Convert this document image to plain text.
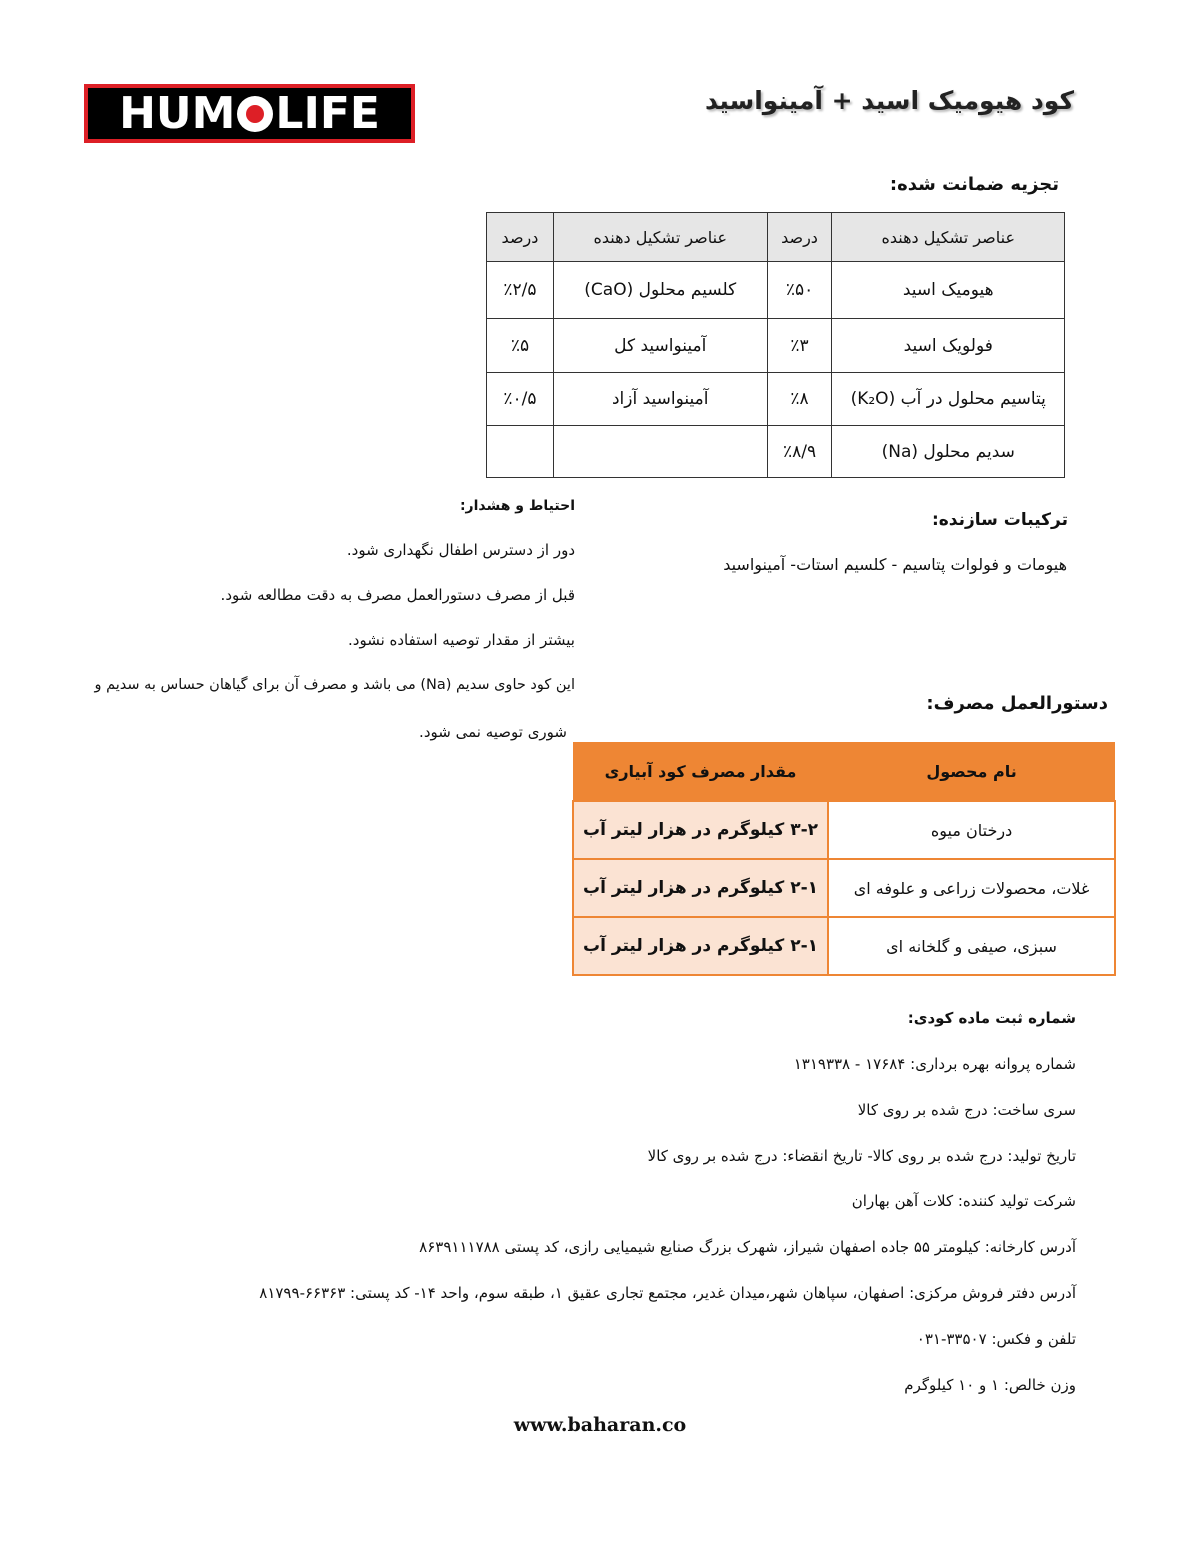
HUM LIFE	کود هیومیک اسید + آمینواسید
تجزیه ضمانت شده:
عناصر تشکیل دهنده	درصد	عناصر تشکیل دهنده	درصد
هیومیک اسید	٪۵۰	کلسیم محلول (CaO)	٪۲/۵
فولویک اسید	٪۳	آمینواسید کل	٪۵
پتاسیم محلول در آب (K₂O)	٪۸	آمینواسید آزاد	٪۰/۵
سدیم محلول (Na)	٪۸/۹		
ترکیبات سازنده:
هیومات و فولوات پتاسیم - کلسیم استات- آمینواسید
احتیاط و هشدار:
دور از دسترس اطفال نگهداری شود.
قبل از مصرف دستورالعمل مصرف به دقت مطالعه شود.
بیشتر از مقدار توصیه استفاده نشود.
این کود حاوی سدیم (Na) می باشد و مصرف آن برای گیاهان حساس به سدیم و
شوری توصیه نمی شود.
دستورالعمل مصرف:
نام محصول	مقدار مصرف کود آبیاری
درختان میوه	۳-۲ کیلوگرم در هزار لیتر آب
غلات، محصولات زراعی و علوفه ای	۲-۱ کیلوگرم در هزار لیتر آب
سبزی، صیفی و گلخانه ای	۲-۱ کیلوگرم در هزار لیتر آب
شماره ثبت ماده کودی:
شماره پروانه بهره برداری: ۱۷۶۸۴ - ۱۳۱۹۳۳۸
سری ساخت: درج شده بر روی کالا
تاریخ تولید: درج شده بر روی کالا- تاریخ انقضاء: درج شده بر روی کالا
شرکت تولید کننده: کلات آهن بهاران
آدرس کارخانه: کیلومتر ۵۵ جاده اصفهان شیراز، شهرک بزرگ صنایع شیمیایی رازی، کد پستی ۸۶۳۹۱۱۱۷۸۸
آدرس دفتر فروش مرکزی: اصفهان، سپاهان شهر،میدان غدیر، مجتمع تجاری عقیق ۱، طبقه سوم، واحد ۱۴- کد پستی: ۶۶۳۶۳-۸۱۷۹۹
تلفن و فکس: ۳۳۵۰۷-۰۳۱
وزن خالص: ۱ و ۱۰ کیلوگرم
www.baharan.co
